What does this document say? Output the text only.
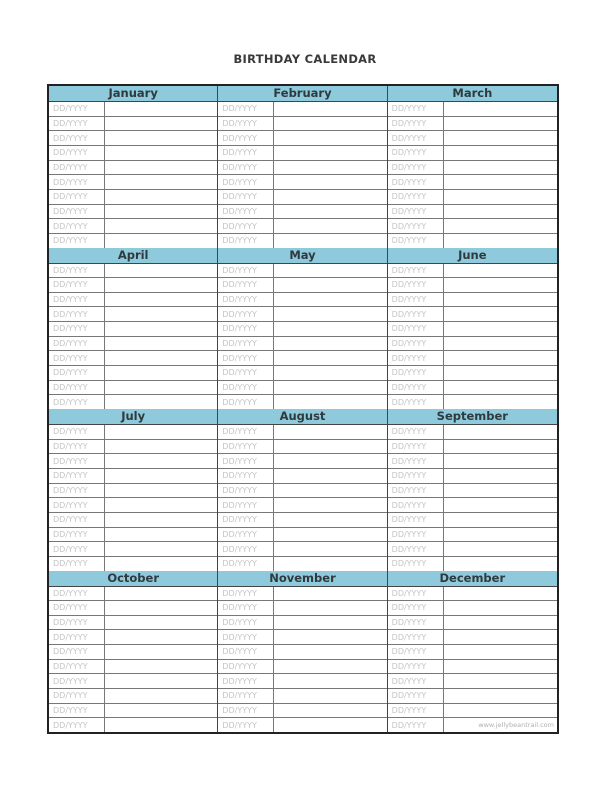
BIRTHDAY CALENDAR
January
DD/YYYY
DD/YYYY
DD/YYYY
DD/YYYY
DD/YYYY
DD/YYYY
DD/YYYY
DD/YYYY
DD/YYYY
DD/YYYY
February
DD/YYYY
DD/YYYY
DD/YYYY
DD/YYYY
DD/YYYY
DD/YYYY
DD/YYYY
DD/YYYY
DD/YYYY
DD/YYYY
March
DD/YYYY
DD/YYYY
DD/YYYY
DD/YYYY
DD/YYYY
DD/YYYY
DD/YYYY
DD/YYYY
DD/YYYY
DD/YYYY
April
DD/YYYY
DD/YYYY
DD/YYYY
DD/YYYY
DD/YYYY
DD/YYYY
DD/YYYY
DD/YYYY
DD/YYYY
DD/YYYY
May
DD/YYYY
DD/YYYY
DD/YYYY
DD/YYYY
DD/YYYY
DD/YYYY
DD/YYYY
DD/YYYY
DD/YYYY
DD/YYYY
June
DD/YYYY
DD/YYYY
DD/YYYY
DD/YYYY
DD/YYYY
DD/YYYY
DD/YYYY
DD/YYYY
DD/YYYY
DD/YYYY
July
DD/YYYY
DD/YYYY
DD/YYYY
DD/YYYY
DD/YYYY
DD/YYYY
DD/YYYY
DD/YYYY
DD/YYYY
DD/YYYY
August
DD/YYYY
DD/YYYY
DD/YYYY
DD/YYYY
DD/YYYY
DD/YYYY
DD/YYYY
DD/YYYY
DD/YYYY
DD/YYYY
September
DD/YYYY
DD/YYYY
DD/YYYY
DD/YYYY
DD/YYYY
DD/YYYY
DD/YYYY
DD/YYYY
DD/YYYY
DD/YYYY
October
DD/YYYY
DD/YYYY
DD/YYYY
DD/YYYY
DD/YYYY
DD/YYYY
DD/YYYY
DD/YYYY
DD/YYYY
DD/YYYY
November
DD/YYYY
DD/YYYY
DD/YYYY
DD/YYYY
DD/YYYY
DD/YYYY
DD/YYYY
DD/YYYY
DD/YYYY
DD/YYYY
December
DD/YYYY
DD/YYYY
DD/YYYY
DD/YYYY
DD/YYYY
DD/YYYY
DD/YYYY
DD/YYYY
DD/YYYY
DD/YYYY	www.jellybeantrail.com
